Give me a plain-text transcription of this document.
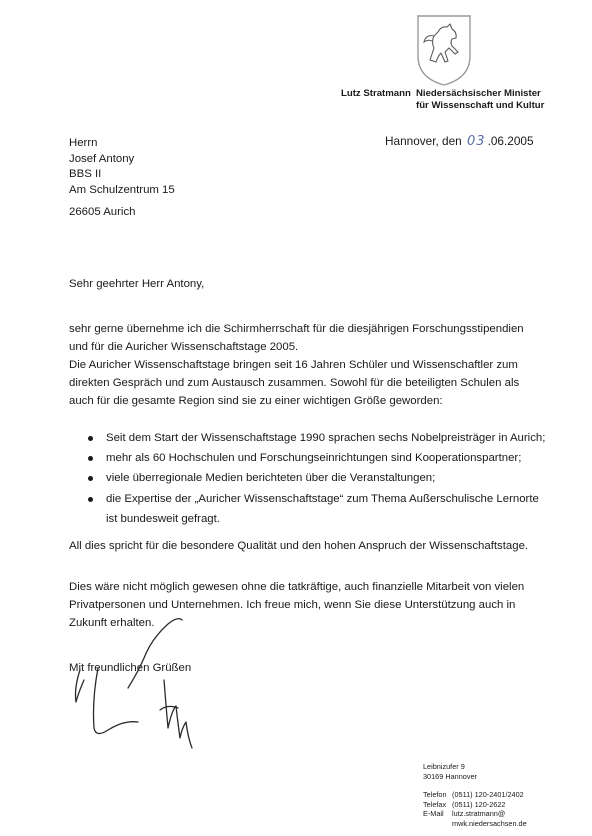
Lutz Stratmann Niedersächsischer Minister
für Wissenschaft und Kultur
Herrn
Josef Antony
BBS II
Am Schulzentrum 15
26605 Aurich
Hannover, den 03 .06.2005
Sehr geehrter Herr Antony,

sehr gerne übernehme ich die Schirmherrschaft für die diesjährigen Forschungsstipendien

und für die Auricher Wissenschaftstage 2005.

Die Auricher Wissenschaftstage bringen seit 16 Jahren Schüler und Wissenschaftler zum

direkten Gespräch und zum Austausch zusammen. Sowohl für die beteiligten Schulen als

auch für die gesamte Region sind sie zu einer wichtigen Größe geworden:

Seit dem Start der Wissenschaftstage 1990 sprachen sechs Nobelpreisträger in Aurich;
mehr als 60 Hochschulen und Forschungseinrichtungen sind Kooperationspartner;
viele überregionale Medien berichteten über die Veranstaltungen;
die Expertise der „Auricher Wissenschaftstage“ zum Thema Außerschulische Lernorte
ist bundesweit gefragt.
All dies spricht für die besondere Qualität und den hohen Anspruch der Wissenschaftstage.

Dies wäre nicht möglich gewesen ohne die tatkräftige, auch finanzielle Mitarbeit von vielen

Privatpersonen und Unternehmen. Ich freue mich, wenn Sie diese Unterstützung auch in

Zukunft erhalten.

Mit freundlichen Grüßen
Leibnizufer 9
30169 Hannover
Telefon (0511) 120-2401/2402
Telefax (0511) 120-2622
E-Mail lutz.stratmann@
mwk.niedersachsen.de
